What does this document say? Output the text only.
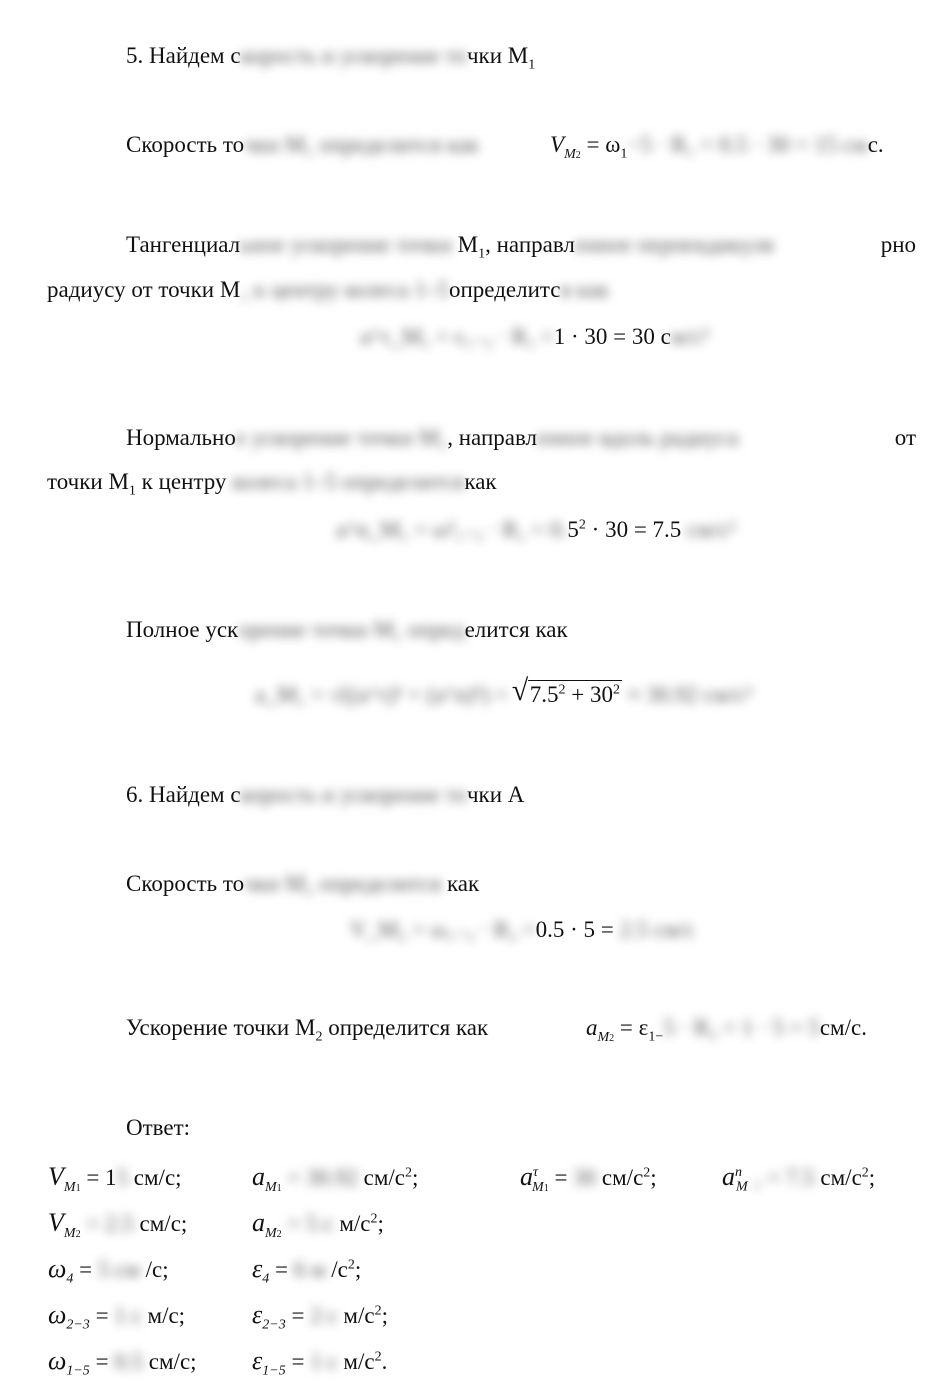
5. Найдем скорость и ускорение точки $M_1$
Скорость точки M₁ определится как	$V_{M2} = \omega_1-5 \cdot R_1 = 0.5 \cdot 30 = 15$ смс.
Тангенциальное ускорение точки $M_1$, направленное перпендикуля	рно
радиусу от точки M₁ к центру колеса 1–5определится как
a^τ_M₁ = ε₁₋₅ · R₁ =1 · 30 = 30 см/с²
Нормальное ускорение точки M₁, направленное вдоль радиуса	от
точки $M_1$ к центру колеса 1–5 определитсякак
a^n_M₁ = $\omega^2_{1-5} \cdot R_1 = 0.5^2 \cdot 30 = 7.5$ см/с²
Полное ускорение точки M₁ определится как
a_M₁ = √((a^τ)² + (a^n)²) = √ $7.5^2 + 30^2 \approx 30.92$ см/с²
6. Найдем скорость и ускорение точки A
Скорость точки M₂ определится как
V_M₂ = ω₁₋₅ · R₂ =0.5 · 5 = 2.5 см/с
Ускорение точки $M_2$ определится как	$a_{M2} = \varepsilon_{1-}5 \cdot R_2 = 1 \cdot 5 = 5см/с$.
Ответ:
$V_{M1} = 15$ см/с;	$a_{M1} = 30.92$ $см/с^2$;	$a^\tau_{M1} = 30$ $см/с^2$;	$a^n_M$ ₁ = 7.5 $см/с^2$;
$V_{M2} = 2.5$ см/с; $a_{M2} = 5$ с $м/с^2$;
$\omega_4 = 5$ см /с;	$\varepsilon_4 = 6$ м $/с^2$;
$\omega_{2-3} = 1$ с м/с;	$\varepsilon_{2-3} = 2$ с $м/с^2$;
$\omega_{1-5} = 0.5$ см/с; $\varepsilon_{1-5} = 1$ с $м/с^2$.
